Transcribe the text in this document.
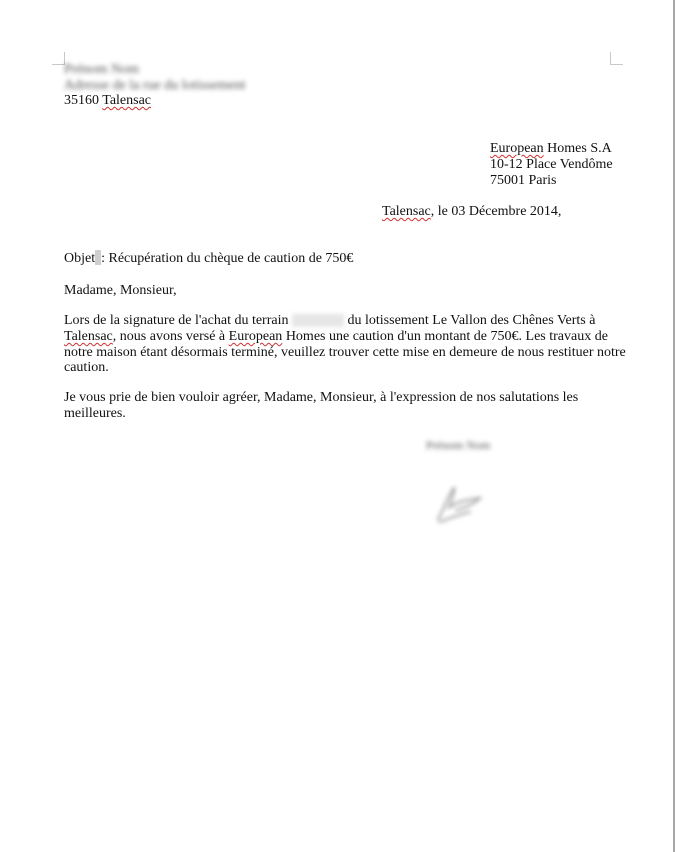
Prénom Nom
Adresse de la rue du lotissement
35160 Talensac
European Homes S.A
10-12 Place Vendôme
75001 Paris
Talensac, le 03 Décembre 2014,
Objet : Récupération du chèque de caution de 750€
Madame, Monsieur,
Lors de la signature de l'achat du terrain	du lotissement Le Vallon des Chênes Verts à
Talensac, nous avons versé à European Homes une caution d'un montant de 750€. Les travaux de
notre maison étant désormais terminé, veuillez trouver cette mise en demeure de nous restituer notre
caution.
Je vous prie de bien vouloir agréer, Madame, Monsieur, à l'expression de nos salutations les
meilleures.
Prénom Nom
